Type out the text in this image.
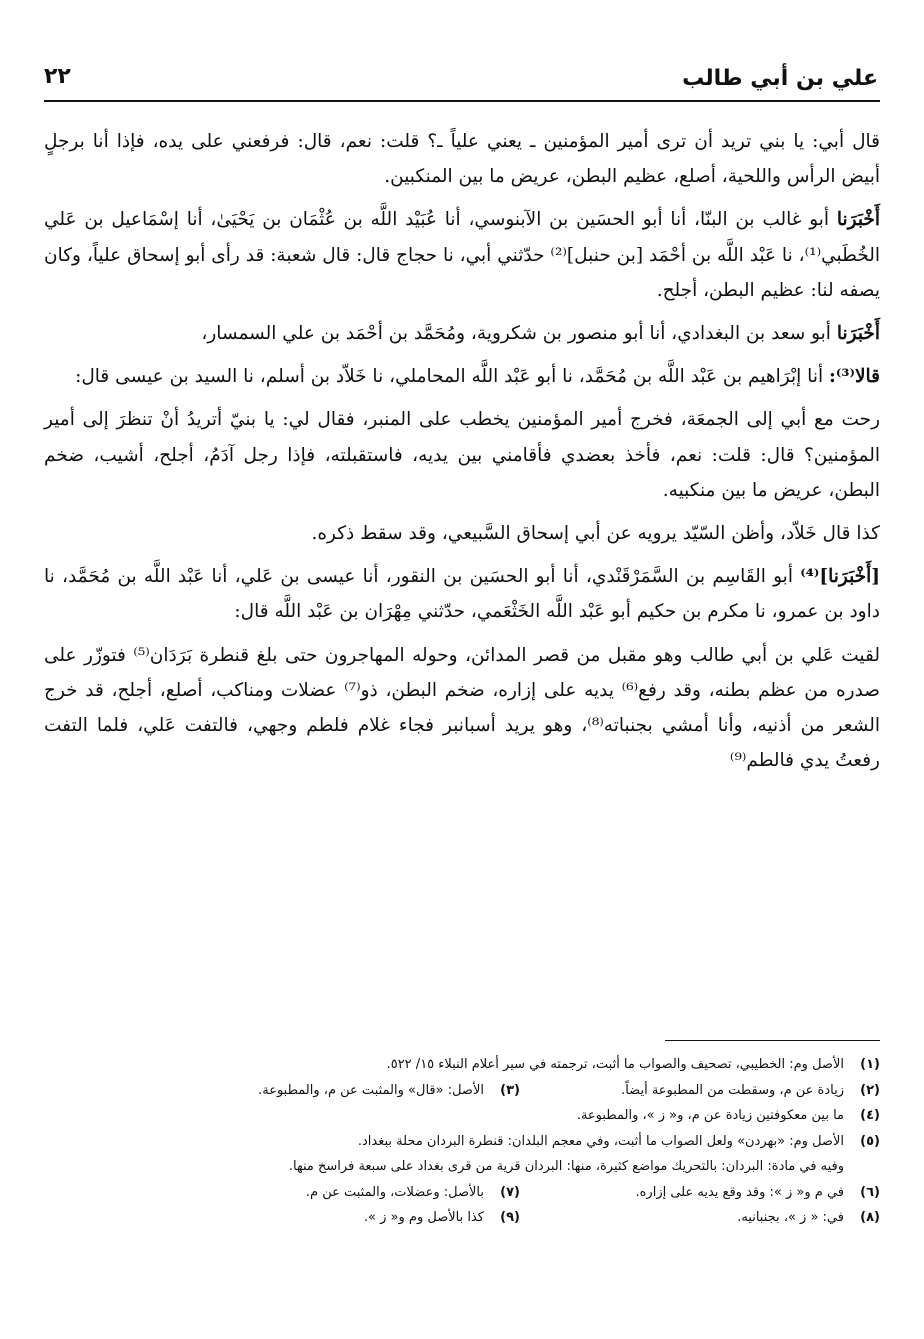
علي بن أبي طالب
٢٢

قال أبي: يا بني تريد أن ترى أمير المؤمنين ـ يعني علياً ـ؟ قلت: نعم، قال: فرفعني على يده، فإذا أنا برجلٍ أبيض الرأس واللحية، أصلع، عظيم البطن، عريض ما بين المنكبين.

أَخْبَرَنا أبو غالب بن البنّا، أنا أبو الحسَين بن الآبنوسي، أنا عُبَيْد اللَّه بن عُثْمَان بن يَحْيَىٰ، أنا إسْمَاعيل بن عَلي الخُطَبي⁽¹⁾، نا عَبْد اللَّه بن أحْمَد [بن حنبل]⁽²⁾ حدّثني أبي، نا حجاج قال: قال شعبة: قد رأى أبو إسحاق علياً، وكان يصفه لنا: عظيم البطن، أجلح.

أَخْبَرَنا أبو سعد بن البغدادي، أنا أبو منصور بن شكروية، ومُحَمَّد بن أحْمَد بن علي السمسار،

قالا⁽³⁾: أنا إبْرَاهيم بن عَبْد اللَّه بن مُحَمَّد، نا أبو عَبْد اللَّه المحاملي، نا خَلاّد بن أسلم، نا السيد بن عيسى قال:

رحت مع أبي إلى الجمعَة، فخرج أمير المؤمنين يخطب على المنبر، فقال لي: يا بنيّ أتريدُ أنْ تنظرَ إلى أمير المؤمنين؟ قال: قلت: نعم، فأخذ بعضدي فأقامني بين يديه، فاستقبلته، فإذا رجل آدَمُ، أجلح، أشيب، ضخم البطن، عريض ما بين منكبيه.

كذا قال خَلاّد، وأظن السّيّد يرويه عن أبي إسحاق السَّبيعي، وقد سقط ذكره.

[أَخْبَرَنا]⁽⁴⁾ أبو القَاسِم بن السَّمَرْقَنْدي، أنا أبو الحسَين بن النقور، أنا عيسى بن عَلي، أنا عَبْد اللَّه بن مُحَمَّد، نا داود بن عمرو، نا مكرم بن حكيم أبو عَبْد اللَّه الخَثْعَمي، حدّثني مِهْرَان بن عَبْد اللَّه قال:

لقيت عَلي بن أبي طالب وهو مقبل من قصر المدائن، وحوله المهاجرون حتى بلغ قنطرة بَرَدَان⁽⁵⁾ فتوزّر على صدره من عظم بطنه، وقد رفع⁽⁶⁾ يديه على إزاره، ضخم البطن، ذو⁽⁷⁾ عضلات ومناكب، أصلع، أجلح، قد خرج الشعر من أذنيه، وأنا أمشي بجنباته⁽⁸⁾، وهو يريد أسبانبر فجاء غلام فلطم وجهي، فالتفت عَلي، فلما التفت رفعتُ يدي فالطم⁽⁹⁾

(١)الأصل وم: الخطيبي، تصحيف والصواب ما أثبت، ترجمته في سير أعلام النبلاء ١٥/ ٥٢٢.
(٢)زيادة عن م، وسقطت من المطبوعة أيضاً.
(٣)الأصل: «قال» والمثبت عن م، والمطبوعة.
(٤)ما بين معكوفتين زيادة عن م، و« ز »، والمطبوعة.
(٥)الأصل وم: «بهردن» ولعل الصواب ما أثبت، وفي معجم البلدان: قنطرة البردان محلة ببغداد.
وفيه في مادة: البردان: بالتحريك مواضع كثيرة، منها: البردان قرية من قرى بغداد على سبعة فراسخ منها.
(٦)في م و« ز »: وقد وقع يديه على إزاره.
(٧)بالأصل: وعضلات، والمثبت عن م.
(٨)في: « ز »، بجنبانيه.
(٩)كذا بالأصل وم و« ز ».
